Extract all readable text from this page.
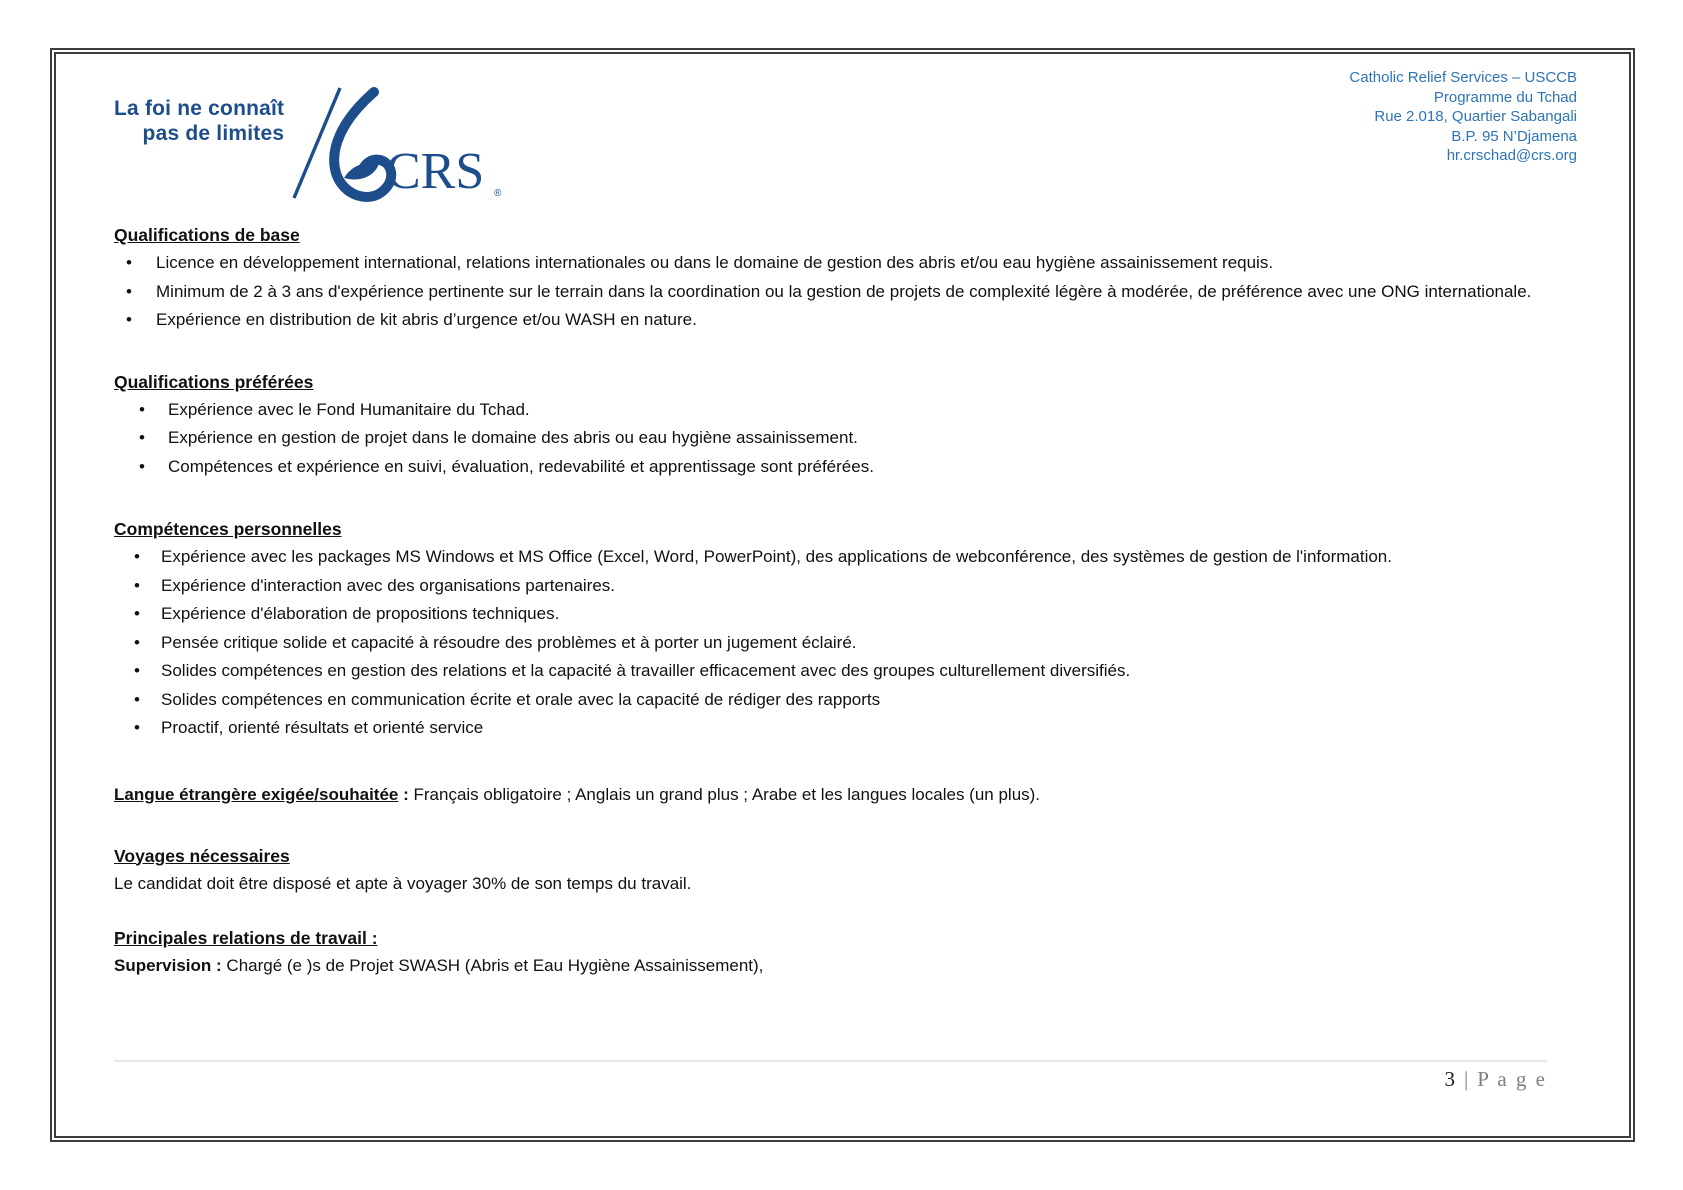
La foi ne connaît
pas de limites
CRS ®
Catholic Relief Services – USCCB
Programme du Tchad
Rue 2.018, Quartier Sabangali
B.P. 95 N’Djamena
hr.crschad@crs.org
Qualifications de base
•	Licence en développement international, relations internationales ou dans le domaine de gestion des abris et/ou eau hygiène assainissement requis.
•	Minimum de 2 à 3 ans d'expérience pertinente sur le terrain dans la coordination ou la gestion de projets de complexité légère à modérée, de préférence avec une ONG internationale.
•	Expérience en distribution de kit abris d’urgence et/ou WASH en nature.
Qualifications préférées
•	Expérience avec le Fond Humanitaire du Tchad.
•	Expérience en gestion de projet dans le domaine des abris ou eau hygiène assainissement.
•	Compétences et expérience en suivi, évaluation, redevabilité et apprentissage sont préférées.
Compétences personnelles
•	Expérience avec les packages MS Windows et MS Office (Excel, Word, PowerPoint), des applications de webconférence, des systèmes de gestion de l'information.
•	Expérience d'interaction avec des organisations partenaires.
•	Expérience d'élaboration de propositions techniques.
•	Pensée critique solide et capacité à résoudre des problèmes et à porter un jugement éclairé.
•	Solides compétences en gestion des relations et la capacité à travailler efficacement avec des groupes culturellement diversifiés.
•	Solides compétences en communication écrite et orale avec la capacité de rédiger des rapports
•	Proactif, orienté résultats et orienté service
Langue étrangère exigée/souhaitée : Français obligatoire ; Anglais un grand plus ; Arabe et les langues locales (un plus).
Voyages nécessaires
Le candidat doit être disposé et apte à voyager 30% de son temps du travail.
Principales relations de travail :
Supervision : Chargé (e )s de Projet SWASH (Abris et Eau Hygiène Assainissement),
3 | P a g e
